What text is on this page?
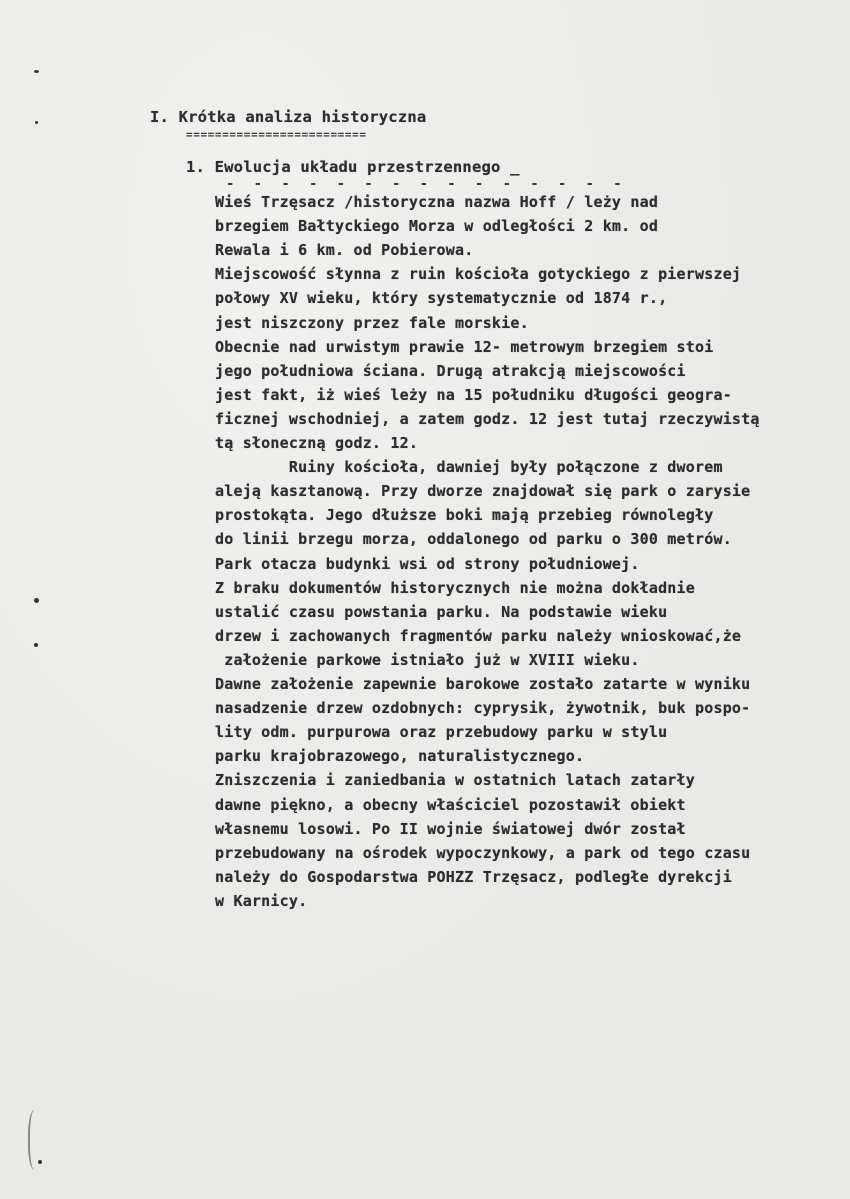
I. Krótka analiza historyczna
=========================
1. Ewolucja układu przestrzennego _
- - - - - - - - - - - - - - -
Wieś Trzęsacz /historyczna nazwa Hoff / leży nad
brzegiem Bałtyckiego Morza w odległości 2 km. od
Rewala i 6 km. od Pobierowa.
Miejscowość słynna z ruin kościoła gotyckiego z pierwszej
połowy XV wieku, który systematycznie od 1874 r.,
jest niszczony przez fale morskie.
Obecnie nad urwistym prawie 12- metrowym brzegiem stoi
jego południowa ściana. Drugą atrakcją miejscowości
jest fakt, iż wieś leży na 15 południku długości geogra-
ficznej wschodniej, a zatem godz. 12 jest tutaj rzeczywistą
tą słoneczną godz. 12.
Ruiny kościoła, dawniej były połączone z dworem
aleją kasztanową. Przy dworze znajdował się park o zarysie
prostokąta. Jego dłuższe boki mają przebieg równoległy
do linii brzegu morza, oddalonego od parku o 300 metrów.
Park otacza budynki wsi od strony południowej.
Z braku dokumentów historycznych nie można dokładnie
ustalić czasu powstania parku. Na podstawie wieku
drzew i zachowanych fragmentów parku należy wnioskować,że
założenie parkowe istniało już w XVIII wieku.
Dawne założenie zapewnie barokowe zostało zatarte w wyniku
nasadzenie drzew ozdobnych: cyprysik, żywotnik, buk pospo-
lity odm. purpurowa oraz przebudowy parku w stylu
parku krajobrazowego, naturalistycznego.
Zniszczenia i zaniedbania w ostatnich latach zatarły
dawne piękno, a obecny właściciel pozostawił obiekt
własnemu losowi. Po II wojnie światowej dwór został
przebudowany na ośrodek wypoczynkowy, a park od tego czasu
należy do Gospodarstwa POHZZ Trzęsacz, podległe dyrekcji
w Karnicy.
